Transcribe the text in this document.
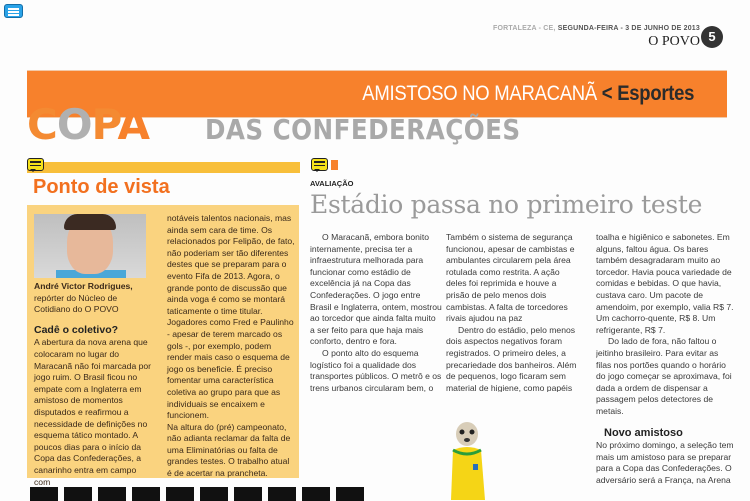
FORTALEZA - CE, SEGUNDA-FEIRA - 3 DE JUNHO DE 2013
O POVO 5
AMISTOSO NO MARACANÃ < Esportes
COPA DAS CONFEDERAÇÕES
Ponto de vista
André Victor Rodrigues,
repórter do Núcleo de Cotidiano do O POVO
Cadê o coletivo?
A abertura da nova arena que colocaram no lugar do Maracanã não foi marcada por jogo ruim. O Brasil ficou no empate com a Inglaterra em amistoso de momentos disputados e reafirmou a necessidade de definições no esquema tático montado. A poucos dias para o início da Copa das Confederações, a canarinho entra em campo com
notáveis talentos nacionais, mas ainda sem cara de time. Os relacionados por Felipão, de fato, não poderiam ser tão diferentes destes que se preparam para o evento Fifa de 2013. Agora, o grande ponto de discussão que ainda voga é como se montará taticamente o time titular. Jogadores como Fred e Paulinho - apesar de terem marcado os gols -, por exemplo, podem render mais caso o esquema de jogo os beneficie. É preciso fomentar uma característica coletiva ao grupo para que as individuais se encaixem e funcionem.
Na altura do (pré) campeonato, não adianta reclamar da falta de uma Eliminatórias ou falta de grandes testes. O trabalho atual é de acertar na prancheta.
AVALIAÇÃO
Estádio passa no primeiro teste

O Maracanã, embora bonito internamente, precisa ter a infraestrutura melhorada para funcionar como estádio de excelência já na Copa das Confederações. O jogo entre Brasil e Inglaterra, ontem, mostrou ao torcedor que ainda falta muito a ser feito para que haja mais conforto, dentro e fora.

O ponto alto do esquema logístico foi a qualidade dos transportes públicos. O metrô e os trens urbanos circularam bem, o

Também o sistema de segurança funcionou, apesar de cambistas e ambulantes circularem pela área rotulada como restrita. A ação deles foi reprimida e houve a prisão de pelo menos dois cambistas. A falta de torcedores rivais ajudou na paz

Dentro do estádio, pelo menos dois aspectos negativos foram registrados. O primeiro deles, a precariedade dos banheiros. Além de pequenos, logo ficaram sem material de higiene, como papéis

toalha e higiênico e sabonetes. Em alguns, faltou água. Os bares também desagradaram muito ao torcedor. Havia pouca variedade de comidas e bebidas. O que havia, custava caro. Um pacote de amendoim, por exemplo, valia R$ 7. Um cachorro-quente, R$ 8. Um refrigerante, R$ 7.

Do lado de fora, não faltou o jeitinho brasileiro. Para evitar as filas nos portões quando o horário do jogo começar se aproximava, foi dada a ordem de dispensar a passagem pelos detectores de metais.

Novo amistoso

No próximo domingo, a seleção tem mais um amistoso para se preparar para a Copa das Confederações. O adversário será a França, na Arena
